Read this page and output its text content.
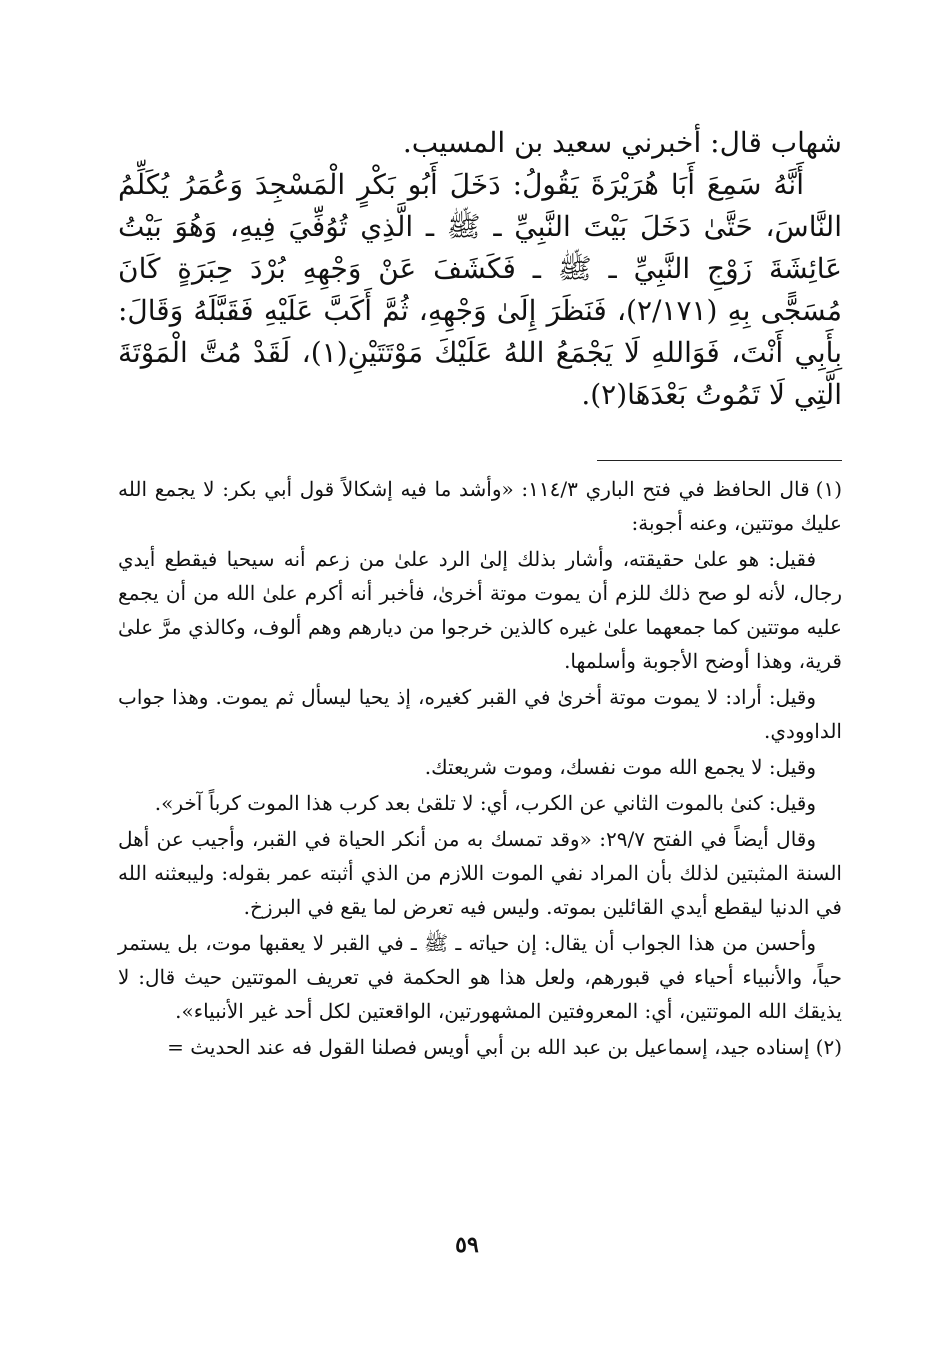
شهاب قال: أخبرني سعيد بن المسيب.

أَنَّهُ سَمِعَ أَبَا هُرَيْرَةَ يَقُولُ: دَخَلَ أَبُو بَكْرٍ الْمَسْجِدَ وَعُمَرُ يُكَلِّمُ النَّاسَ، حَتَّىٰ دَخَلَ بَيْتَ النَّبِيِّ ـ ﷺ ـ الَّذِي تُوُفِّيَ فِيهِ، وَهُوَ بَيْتُ عَائِشَةَ زَوْجِ النَّبِيِّ ـ ﷺ ـ فَكَشَفَ عَنْ وَجْهِهِ بُرْدَ حِبَرَةٍ كَانَ مُسَجًّى بِهِ (٢/١٧١)، فَنَظَرَ إِلَىٰ وَجْهِهِ، ثُمَّ أَكَبَّ عَلَيْهِ فَقَبَّلَهُ وَقَالَ: بِأَبِي أَنْتَ، فَوَاللهِ لَا يَجْمَعُ اللهُ عَلَيْكَ مَوْتَتَيْنِ(١)، لَقَدْ مُتَّ الْمَوْتَةَ الَّتِي لَا تَمُوتُ بَعْدَهَا(٢).

(١)قال الحافظ في فتح الباري ١١٤/٣: «وأشد ما فيه إشكالاً قول أبي بكر: لا يجمع الله عليك موتتين، وعنه أجوبة:

فقيل: هو علىٰ حقيقته، وأشار بذلك إلىٰ الرد علىٰ من زعم أنه سيحيا فيقطع أيدي رجال، لأنه لو صح ذلك للزم أن يموت موتة أخرىٰ، فأخبر أنه أكرم علىٰ الله من أن يجمع عليه موتتين كما جمعهما علىٰ غيره كالذين خرجوا من ديارهم وهم ألوف، وكالذي مرَّ علىٰ قرية، وهذا أوضح الأجوبة وأسلمها.

وقيل: أراد: لا يموت موتة أخرىٰ في القبر كغيره، إذ يحيا ليسأل ثم يموت. وهذا جواب الداوودي.

وقيل: لا يجمع الله موت نفسك، وموت شريعتك.

وقيل: كنىٰ بالموت الثاني عن الكرب، أي: لا تلقىٰ بعد كرب هذا الموت كرباً آخر».

وقال أيضاً في الفتح ٢٩/٧: «وقد تمسك به من أنكر الحياة في القبر، وأجيب عن أهل السنة المثبتين لذلك بأن المراد نفي الموت اللازم من الذي أثبته عمر بقوله: وليبعثنه الله في الدنيا ليقطع أيدي القائلين بموته. وليس فيه تعرض لما يقع في البرزخ.

وأحسن من هذا الجواب أن يقال: إن حياته ـ ﷺ ـ في القبر لا يعقبها موت، بل يستمر حياً، والأنبياء أحياء في قبورهم، ولعل هذا هو الحكمة في تعريف الموتتين حيث قال: لا يذيقك الله الموتتين، أي: المعروفتين المشهورتين، الواقعتين لكل أحد غير الأنبياء».

(٢)إسناده جيد، إسماعيل بن عبد الله بن أبي أويس فصلنا القول فه عند الحديث =

٥٩
